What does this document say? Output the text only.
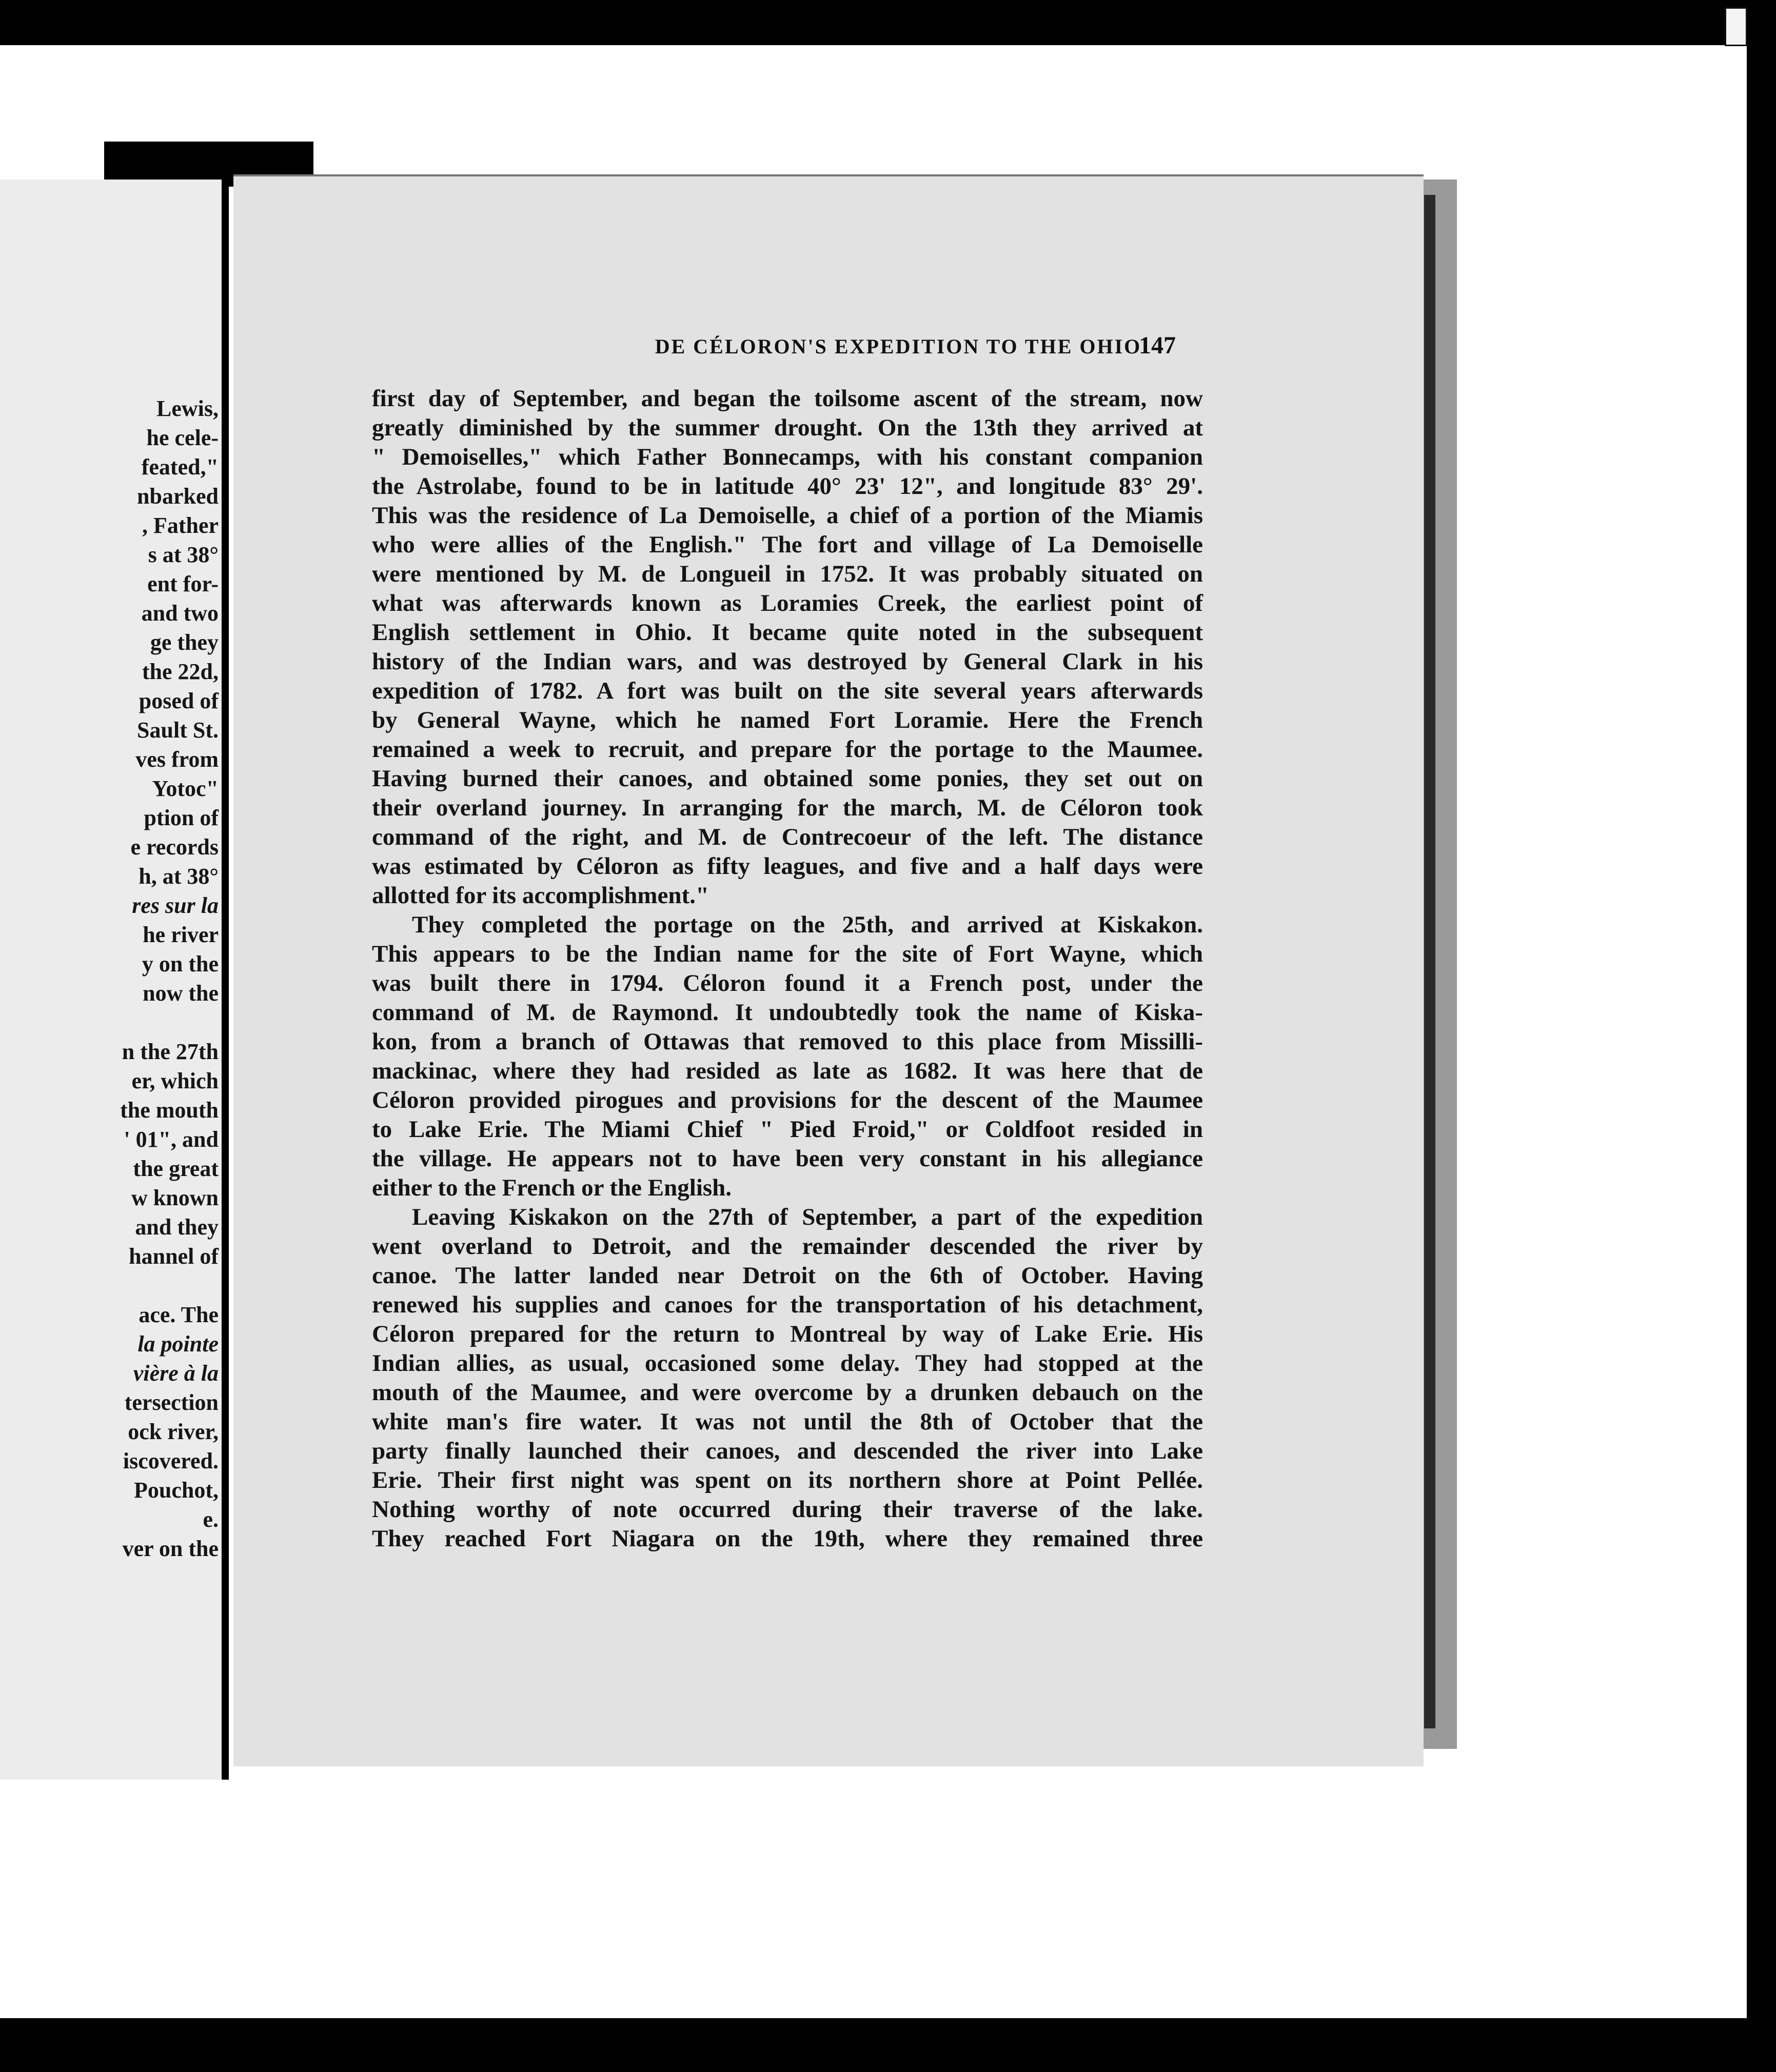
Lewis,

he cele-

feated,"

nbarked

, Father

s at 38°

ent for-

and two

ge they

the 22d,

posed of

Sault St.

ves from

Yotoc"

ption of

e records

h, at 38°

res sur la

he river

y on the

now the

n the 27th

er, which

the mouth

' 01", and

the great

w known

and they

hannel of

ace. The

la pointe

vière à la

tersection

ock river,

iscovered.

Pouchot,

e.

ver on the

DE CÉLORON'S EXPEDITION TO THE OHIO

147

first day of September, and began the toilsome ascent of the stream, now
greatly diminished by the summer drought. On the 13th they arrived at
" Demoiselles," which Father Bonnecamps, with his constant companion
the Astrolabe, found to be in latitude 40° 23' 12", and longitude 83° 29'.
This was the residence of La Demoiselle, a chief of a portion of the Miamis
who were allies of the English." The fort and village of La Demoiselle
were mentioned by M. de Longueil in 1752. It was probably situated on
what was afterwards known as Loramies Creek, the earliest point of
English settlement in Ohio. It became quite noted in the subsequent
history of the Indian wars, and was destroyed by General Clark in his
expedition of 1782. A fort was built on the site several years afterwards
by General Wayne, which he named Fort Loramie. Here the French
remained a week to recruit, and prepare for the portage to the Maumee.
Having burned their canoes, and obtained some ponies, they set out on
their overland journey. In arranging for the march, M. de Céloron took
command of the right, and M. de Contrecoeur of the left. The distance
was estimated by Céloron as fifty leagues, and five and a half days were
allotted for its accomplishment."
They completed the portage on the 25th, and arrived at Kiskakon.
This appears to be the Indian name for the site of Fort Wayne, which
was built there in 1794. Céloron found it a French post, under the
command of M. de Raymond. It undoubtedly took the name of Kiska-
kon, from a branch of Ottawas that removed to this place from Missilli-
mackinac, where they had resided as late as 1682. It was here that de
Céloron provided pirogues and provisions for the descent of the Maumee
to Lake Erie. The Miami Chief " Pied Froid," or Coldfoot resided in
the village. He appears not to have been very constant in his allegiance
either to the French or the English.
Leaving Kiskakon on the 27th of September, a part of the expedition
went overland to Detroit, and the remainder descended the river by
canoe. The latter landed near Detroit on the 6th of October. Having
renewed his supplies and canoes for the transportation of his detachment,
Céloron prepared for the return to Montreal by way of Lake Erie. His
Indian allies, as usual, occasioned some delay. They had stopped at the
mouth of the Maumee, and were overcome by a drunken debauch on the
white man's fire water. It was not until the 8th of October that the
party finally launched their canoes, and descended the river into Lake
Erie. Their first night was spent on its northern shore at Point Pellée.
Nothing worthy of note occurred during their traverse of the lake.
They reached Fort Niagara on the 19th, where they remained three
